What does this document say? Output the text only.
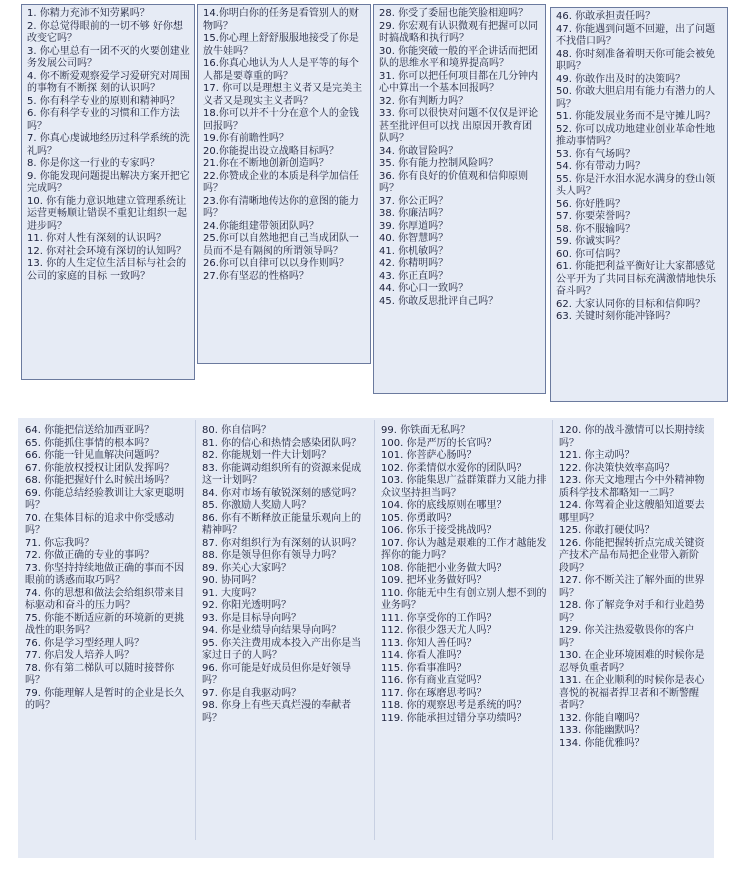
1. 你精力充沛不知劳累吗？
2. 你总觉得眼前的一切不够 好你想改变它吗？
3. 你心里总有一团不灭的火要创建业务发展公司吗？
4. 你不断爱观察爱学习爱研究对周围的事物有不断探 刻的认识吗？
5. 你有科学专业的原则和精神吗？
6. 你有科学专业的习惯和工作方法吗？
7. 你真心虔诚地经历过科学系统的洗礼吗？
8. 你是你这一行业的专家吗？
9. 你能发现问题提出解决方案开把它完成吗？
10. 你有能力意识地建立管理系统让运营更畅顺让错误不重犯让组织一起进步吗？
11. 你对人性有深刻的认识吗？
12. 你对社会环境有深切的认知吗？
13. 你的人生定位生活目标与社会的公司的家庭的目标 一致吗？
14.你明白你的任务是看管别人的财物吗？
15.你心理上舒舒服服地接受了你是放牛娃吗？
16.你真心地认为人人是平等的每个人都是要尊重的吗？
17. 你可以是理想主义者又是完美主义者又是现实主义者吗？
18.你可以并不十分在意个人的金钱回报吗？
19.你有前瞻性吗？
20.你能提出设立战略目标吗？
21.你在不断地创新创造吗？
22.你赞成企业的本质是科学加信任吗？
23.你有清晰地传达你的意图的能力吗？
24.你能组建带领团队吗？
25.你可以自然地把自己当成团队一员而不是有隔阂的所谓领导吗？
26.你可以自律可以以身作则吗？
27.你有坚忍的性格吗？
28. 你受了委屈也能笑脸相迎吗？
29. 你宏观有认识微观有把握可以同时搞战略和执行吗？
30. 你能突破一般的平企讲话而把团队的思维水平和境界提高吗？
31. 你可以把任何项目都在几分钟内心中算出一个基本回报吗？
32. 你有判断力吗？
33. 你可以很快对问题不仅仅是评论甚至批评但可以找 出原因开教育团队吗？
34. 你敢冒险吗？
35. 你有能力控制风险吗？
36. 你有良好的价值观和信仰原则吗？
37. 你公正吗？
38. 你廉洁吗？
39. 你厚道吗？
40. 你智慧吗？
41. 你机敏吗？
42. 你精明吗？
43. 你正直吗？
44. 你心口一致吗？
45. 你敢反思批评自己吗？
46. 你敢承担责任吗？
47. 你能遇到问题不回避，出了问题不找借口吗？
48. 你时刻准备着明天你可能会被免职吗？
49. 你敢作出及时的决策吗？
50. 你敢大胆启用有能力有潜力的人吗？
51. 你能发展业务而不是守摊儿吗？
52. 你可以成功地建业创业革命性地推动事情吗？
53. 你有气场吗？
54. 你有带动力吗？
55. 你是汗水泪水泥水满身的登山领头人吗？
56. 你好胜吗？
57. 你要荣誉吗？
58. 你不服输吗？
59. 你诚实吗？
60. 你可信吗？
61. 你能把利益平衡好让大家都感觉公平开为了共同目标充满激情地快乐奋斗吗？
62. 大家认同你的目标和信仰吗？
63. 关键时刻你能冲锋吗？
64. 你能把信送给加西亚吗？
65. 你能抓住事情的根本吗？
66. 你能一针见血解决问题吗？
67. 你能放权授权让团队发挥吗？
68. 你能把握好什么时候出场吗？
69. 你能总结经验教训让大家更聪明吗？
70. 在集体目标的追求中你受感动吗？
71. 你忘我吗？
72. 你做正确的专业的事吗？
73. 你坚持持续地做正确的事而不因眼前的诱惑而取巧吗？
74. 你的思想和做法会给组织带来目标驱动和奋斗的压力吗？
75. 你能不断适应新的环境新的更挑战性的职务吗？
76. 你是学习型经理人吗？
77. 你启发人培养人吗？
78. 你有第二梯队可以随时接替你吗？
79. 你能理解人是暂时的企业是长久的吗？
80. 你自信吗？
81. 你的信心和热情会感染团队吗？
82. 你能规划一件大计划吗？
83. 你能调动组织所有的资源来促成这一计划吗？
84. 你对市场有敏锐深刻的感觉吗？
85. 你激励人奖励人吗？
86. 你有不断释放正能量乐观向上的精神吗？
87. 你对组织行为有深刻的认识吗？
88. 你是领导但你有领导力吗？
89. 你关心大家吗？
90. 协同吗？
91. 大度吗？
92. 你阳光透明吗？
93. 你是目标导向吗？
94. 你是业绩导向结果导向吗？
95. 你关注费用成本投入产出你是当家过日子的人吗？
96. 你可能是好成员但你是好领导吗？
97. 你是自我驱动吗？
98. 你身上有些天真烂漫的奉献者吗？
99. 你铁面无私吗？
100. 你是严厉的长官吗？
101. 你菩萨心肠吗？
102. 你柔情似水爱你的团队吗？
103. 你能集思广益群策群力又能力排众议坚持担当吗？
104. 你的底线原则在哪里？
105. 你勇敢吗？
106. 你乐于接受挑战吗？
107. 你认为越是艰难的工作才越能发挥你的能力吗？
108. 你能把小业务做大吗？
109. 把坏业务做好吗？
110. 你能无中生有创立别人想不到的业务吗？
111. 你享受你的工作吗？
112. 你很少怨天尤人吗？
113. 你知人善任吗？
114. 你看人准吗？
115. 你看事准吗？
116. 你有商业直觉吗？
117. 你在琢磨思考吗？
118. 你的观察思考是系统的吗？
119. 你能承担过错分享功绩吗？
120. 你的战斗激情可以长期持续吗？
121. 你主动吗？
122. 你决策快效率高吗？
123. 你天文地理古今中外精神物质科学技术都略知一二吗？
124. 你驾着企业这艘船知道要去哪里吗？
125. 你敢打硬仗吗？
126. 你能把握转折点完成关键资产技术产品布局把企业带入新阶段吗？
127. 你不断关注了解外面的世界吗？
128. 你了解竞争对手和行业趋势吗？
129. 你关注热爱敬畏你的客户吗？
130. 在企业环境困难的时候你是忍辱负重者吗？
131. 在企业顺利的时候你是表心喜悦的祝福者捍卫者和不断警醒者吗？
132. 你能自嘲吗？
133. 你能幽默吗？
134. 你能优雅吗？
